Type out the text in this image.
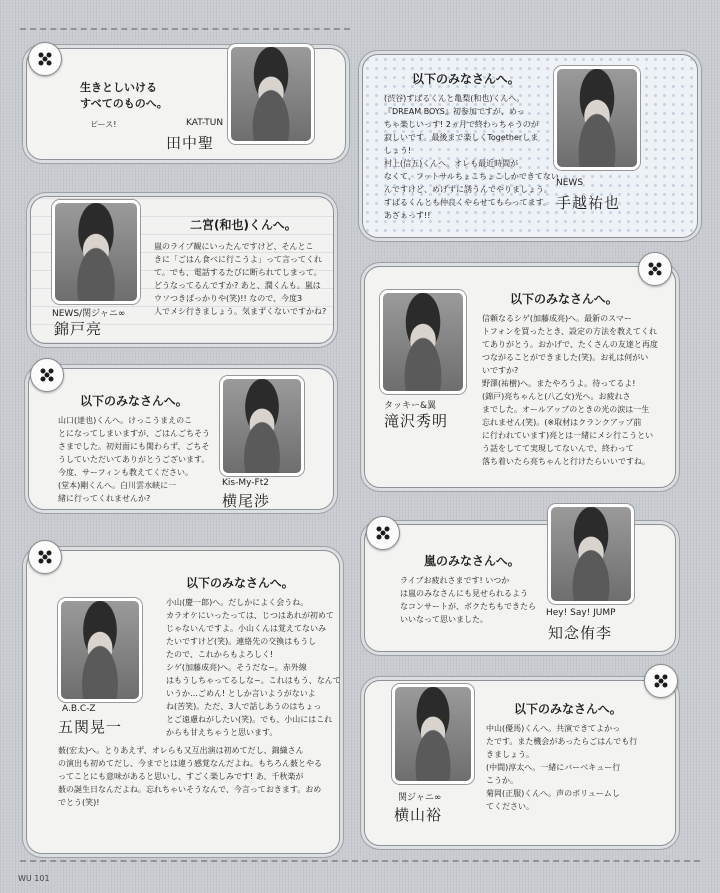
生きとしいける
すべてのものへ。
ピース!	KAT-TUN
田中聖
以下のみなさんへ。
(渋谷)すばるくんと亀梨(和也)くんへ。
『DREAM BOYS』初参加ですが、めっ
ちゃ楽しいっす! 2ヵ月で終わっちゃうのが
寂しいです。最後まで楽しくTogetherしま
しょう!
村上(信五)くんへ。オレも最近時間が
なくて、フットサルちょこちょこしかできてない
んですけど、めげずに誘うんでやりましょう。
すばるくんとも仲良くやらせてもらってます。
あざぁっす!!
NEWS
手越祐也
NEWS/関ジャニ∞
錦戸亮
二宮(和也)くんへ。
嵐のライブ観にいったんですけど、そんとこ
きに「ごはん食べに行こうよ」って言ってくれ
て。でも、電話するたびに断られてしまって。
どうなってるんですか? あと、潤くんも。嵐は
ウソつきばっかりや(笑)!! なので、今度3
人でメシ行きましょう。気まずくないですかね?
以下のみなさんへ。
タッキー&翼
滝沢秀明
信頼なるシゲ(加藤成亮)へ。最新のスマー
トフォンを買ったとき、設定の方法を教えてくれ
てありがとう。おかげで、たくさんの友達と再度
つながることができました(笑)。お礼は何がい
いですか?
野澤(祐樹)へ。またやろうよ。待ってるよ!
(錦戸)亮ちゃんと(八乙女)光へ。お疲れさ
までした。オールアップのときの光の涙は一生
忘れません(笑)。(※取材はクランクアップ前
に行われています)亮とは一緒にメシ行こうとい
う話をしてて実現してないんで、終わって
落ち着いたら亮ちゃんと行けたらいいですね。
以下のみなさんへ。
山口(達也)くんへ。けっこうまえのこ
とになってしまいますが、ごはんごちそう
さまでした。初対面にも関わらず、ごちそ
うしていただいてありがとうございます。
今度、サーフィンも教えてください。
(堂本)剛くんへ。白川雲水峡に一
緒に行ってくれませんか?
Kis-My-Ft2
横尾渉
嵐のみなさんへ。
ライブお疲れさまです! いつか
は嵐のみなさんにも見せられるよう
なコンサートが、ボクたちもできたら
いいなって思いました。
Hey! Say! JUMP
知念侑李
以下のみなさんへ。
A.B.C-Z
五関晃一
小山(慶一郎)へ。だしかによく会うね。
カラオケにいったっては、じつはあれが初めて
じゃないんですよ。小山くんは覚えてないみ
たいですけど(笑)。連絡先の交換はもうし
たので、これからもよろしく!
シゲ(加藤成亮)へ。そうだな~。赤外線
はもうしちゃってるしな~。これはもう、なんて
いうか…ごめん! としか言いようがないよ
ね(苦笑)。ただ、3人で話しあうのはちょっ
とご遠慮ねがしたい(笑)。でも、小山にはこれ
からも甘えちゃうと思います。
薮(宏太)へ。とりあえず、オレらも又互出演は初めてだし、錦織さん
の演出も初めてだし、今までとは違う感覚なんだよね。もちろん薮とやる
ってことにも意味があると思いし、すごく楽しみです! あ、千秋楽が
薮の誕生日なんだよね。忘れちゃいそうなんで、今言っておきます。おめ
でとう(笑)!
以下のみなさんへ。
関ジャニ∞
横山裕
中山(優馬)くんへ。共演できてよかっ
たです。また機会があったらごはんでも行
きましょう。
(中間)淳太へ。一緒にバーベキュー行
こうか。
菊岡(正服)くんへ。声のボリュームし
てください。
WU 101
